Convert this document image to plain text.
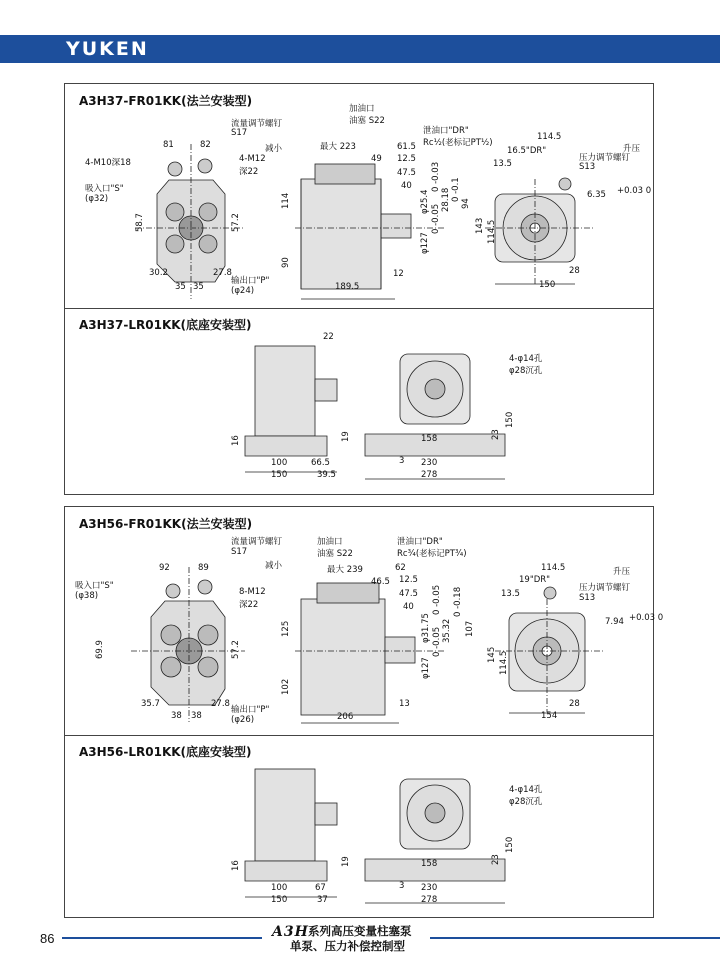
YUKEN
A3H37-FR01KK(法兰安装型)
A3H37-LR01KK(底座安装型)
81	82
流量调节螺钉
S17
减小
4-M10深18	4-M12
深22
吸入口"S"
(φ32)
58.7	57.2
30.2	27.8
35 35
输出口"P"
(φ24)
加油口
油塞 S22
最大 223
49
114
90
12
189.5
泄油口"DR"
Rc½(老标记PT½)
61.5
12.5
47.5
40
φ25.4
0 -0.03
28.18 0 -0.1
φ127
0 -0.05
94
114.5
16.5"DR"
13.5
升压
压力调节螺钉
S13
6.35 +0.03 0
143 114.5
28
150
22
16	19
100	66.5
150	39.5
4-φ14孔
φ28沉孔
150
23
158
3 230
278
A3H56-FR01KK(法兰安装型)
A3H56-LR01KK(底座安装型)
92	89
流量调节螺钉
S17
减小
8-M12
深22
吸入口"S"
(φ38)
69.9	57.2
35.7	27.8
38 38
输出口"P"
(φ26)
加油口
油塞 S22
最大 239
46.5
125
102
13
206
泄油口"DR"
Rc¾(老标记PT¾)
62
12.5
47.5
40
φ31.75
0 -0.05
35.32
0 -0.18
φ127
0 -0.05	107
114.5
19"DR"
13.5
升压
压力调节螺钉
S13
7.94 +0.03 0
145 114.5
28
154
16	19
100	67
150	37
4-φ14孔
φ28沉孔
150
23
158
3 230
278
86	A3H 系列高压变量柱塞泵
单泵、压力补偿控制型
